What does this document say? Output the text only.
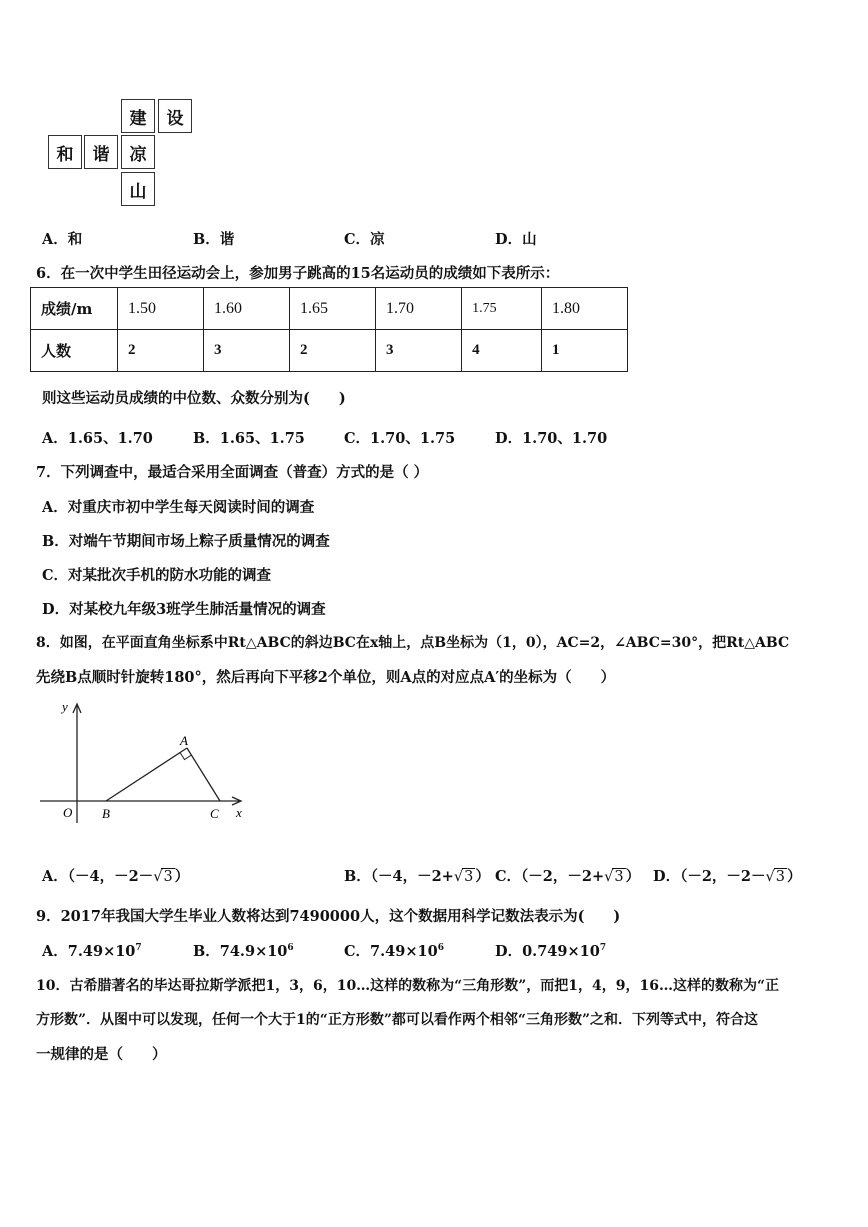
建	设
和	谐	凉
山
A．和	B．谐	C．凉	D．山
6．在一次中学生田径运动会上，参加男子跳高的15名运动员的成绩如下表所示：
成绩/m	1.50	1.60	1.65	1.70	1.75	1.80
人数	2	3	2	3	4	1
则这些运动员成绩的中位数、众数分别为(　　)
A．1.65、1.70	B．1.65、1.75	C．1.70、1.75	D．1.70、1.70
7．下列调查中，最适合采用全面调查（普查）方式的是（ ）
A．对重庆市初中学生每天阅读时间的调查
B．对端午节期间市场上粽子质量情况的调查
C．对某批次手机的防水功能的调查
D．对某校九年级3班学生肺活量情况的调查
8．如图，在平面直角坐标系中Rt△ABC的斜边BC在x轴上，点B坐标为（1，0），AC=2，∠ABC=30°，把Rt△ABC
先绕B点顺时针旋转180°，然后再向下平移2个单位，则A点的对应点A′的坐标为（　　）
y
x
O B	C
A
A．（－4，－2－√3 ）	B．（－4，－2+√3 ） C．（－2，－2+√3 ） D．（－2，－2－√3 ）
9．2017年我国大学生毕业人数将达到7490000人，这个数据用科学记数法表示为(　　)
A．$7.49\times 10^7$	B．$74.9\times 10^6$	C．$7.49\times 10^6$	D．$0.749\times 10^7$
10．古希腊著名的毕达哥拉斯学派把1，3，6，10…这样的数称为“三角形数”，而把1，4，9，16…这样的数称为“正
方形数”．从图中可以发现，任何一个大于1的“正方形数”都可以看作两个相邻“三角形数”之和．下列等式中，符合这
一规律的是（　　）
